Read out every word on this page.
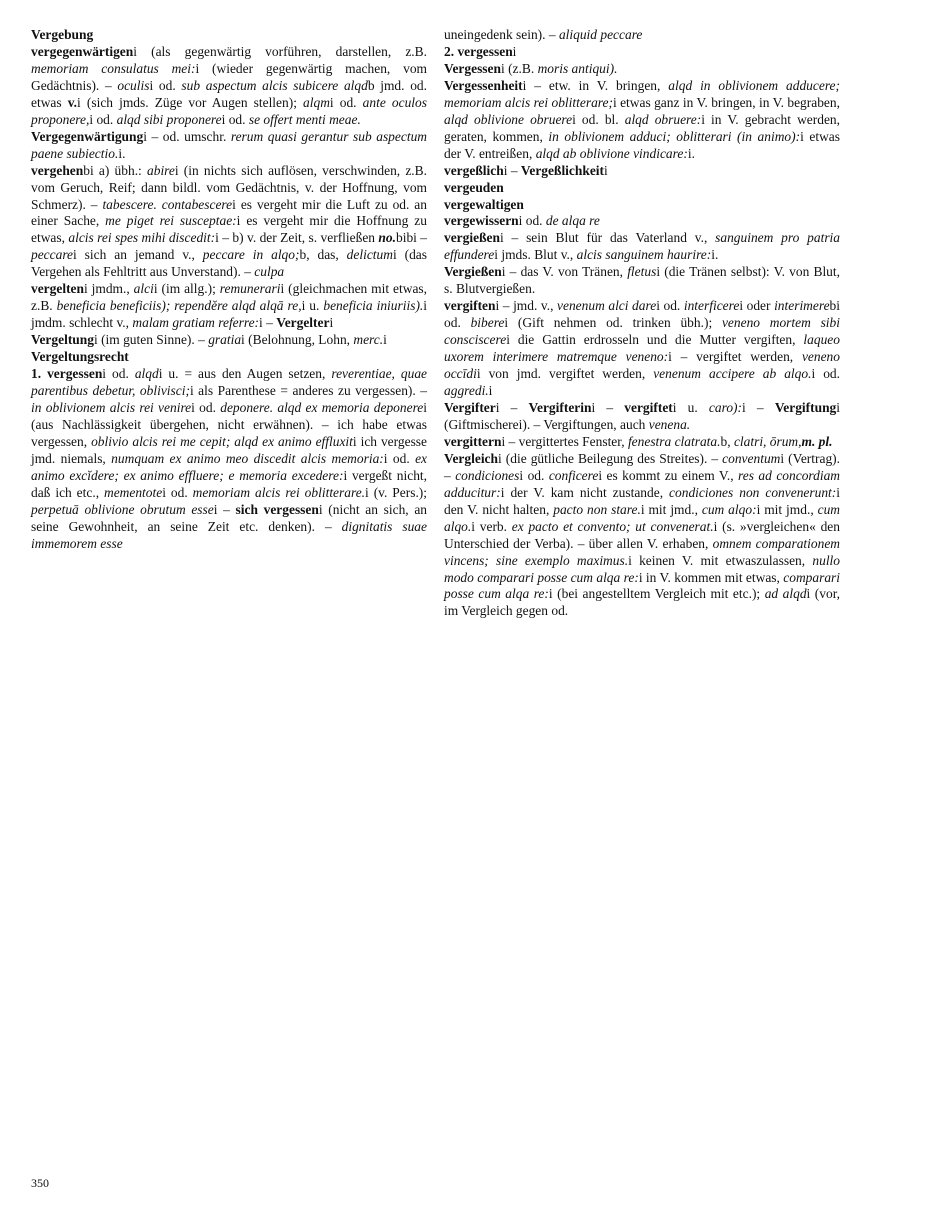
Vergebung

vergegenwärtigeni (als gegenwärtig vorführen, darstellen, z.B. memoriam consulatus mei:i (wieder gegenwärtig machen, vom Gedächtnis). – oculisi od. sub aspectum alcis subicere alqdb jmd. od. etwas v.i (sich jmds. Züge vor Augen stellen); alqmi od. ante oculos proponere,i od. alqd sibi proponerei od. se offert menti meae.

Vergegenwärtigungi – od. umschr. rerum quasi gerantur sub aspectum paene subiectio.i.

vergehenbi a) übh.: abirei (in nichts sich auflösen, verschwinden, z.B. vom Geruch, Reif; dann bildl. vom Gedächtnis, v. der Hoffnung, vom Schmerz). – tabescere. contabescerei es vergeht mir die Luft zu od. an einer Sache, me piget rei susceptae:i es vergeht mir die Hoffnung zu etwas, alcis rei spes mihi discedit:i – b) v. der Zeit, s. verfließen no.bibi – peccarei sich an jemand v., peccare in alqo;b, das, delictumi (das Vergehen als Fehltritt aus Unverstand). – culpa

vergelteni jmdm., alcii (im allg.); remunerarii (gleichmachen mit etwas, z.B. beneficia beneficiis); rependĕre alqd alqā re,i u. beneficia iniuriis).i jmdm. schlecht v., malam gratiam referre:i – Vergelteri

Vergeltungi (im guten Sinne). – gratiai (Belohnung, Lohn, merc.i

Vergeltungsrecht

1. vergesseni od. alqdi u. = aus den Augen setzen, reverentiae, quae parentibus debetur, oblivisci;i als Parenthese = anderes zu vergessen). – in oblivionem alcis rei venirei od. deponere. alqd ex memoria deponerei (aus Nachlässigkeit übergehen, nicht erwähnen). – ich habe etwas vergessen, oblivio alcis rei me cepit; alqd ex animo effluxiti ich vergesse jmd. niemals, numquam ex animo meo discedit alcis memoria:i od. ex animo excĭdere; ex animo effluere; e memoria excedere:i vergeßt nicht, daß ich etc., mementotei od. memoriam alcis rei oblitterare.i (v. Pers.); perpetuā oblivione obrutum essei – sich vergesseni (nicht an sich, an seine Gewohnheit, an seine Zeit etc. denken). – dignitatis suae immemorem esse

uneingedenk sein). – aliquid peccare

2. vergesseni

Vergesseni (z.B. moris antiqui).

Vergessenheiti – etw. in V. bringen, alqd in oblivionem adducere; memoriam alcis rei oblitterare;i etwas ganz in V. bringen, in V. begraben, alqd oblivione obruerei od. bl. alqd obruere:i in V. gebracht werden, geraten, kommen, in oblivionem adduci; oblitterari (in animo):i etwas der V. entreißen, alqd ab oblivione vindicare:i.

vergeßlichi – Vergeßlichkeiti

vergeuden

vergewaltigen

vergewisserni od. de alqa re

vergießeni – sein Blut für das Vaterland v., sanguinem pro patria effunderei jmds. Blut v., alcis sanguinem haurire:i.

Vergießeni – das V. von Tränen, fletusi (die Tränen selbst): V. von Blut, s. Blutvergießen.

vergifteni – jmd. v., venenum alci darei od. interficerei oder interimerebi od. biberei (Gift nehmen od. trinken übh.); veneno mortem sibi consciscerei die Gattin erdrosseln und die Mutter vergiften, laqueo uxorem interimere matremque veneno:i – vergiftet werden, veneno occīdii von jmd. vergiftet werden, venenum accipere ab alqo.i od. aggredi.i

Vergifteri – Vergifterini – vergifteti u. caro):i – Vergiftungi (Giftmischerei). – Vergiftungen, auch venena.

vergitterni – vergittertes Fenster, fenestra clatrata.b, clatri, ōrum,m. pl.

Vergleichi (die gütliche Beilegung des Streites). – conventumi (Vertrag). – condicionesi od. conficerei es kommt zu einem V., res ad concordiam adducitur:i der V. kam nicht zustande, condiciones non convenerunt:i den V. nicht halten, pacto non stare.i mit jmd., cum alqo:i mit jmd., cum alqo.i verb. ex pacto et convento; ut convenerat.i (s. »vergleichen« den Unterschied der Verba). – über allen V. erhaben, omnem comparationem vincens; sine exemplo maximus.i keinen V. mit etwaszulassen, nullo modo comparari posse cum alqa re:i in V. kommen mit etwas, comparari posse cum alqa re:i (bei angestelltem Vergleich mit etc.); ad alqdi (vor, im Vergleich gegen od.

350
